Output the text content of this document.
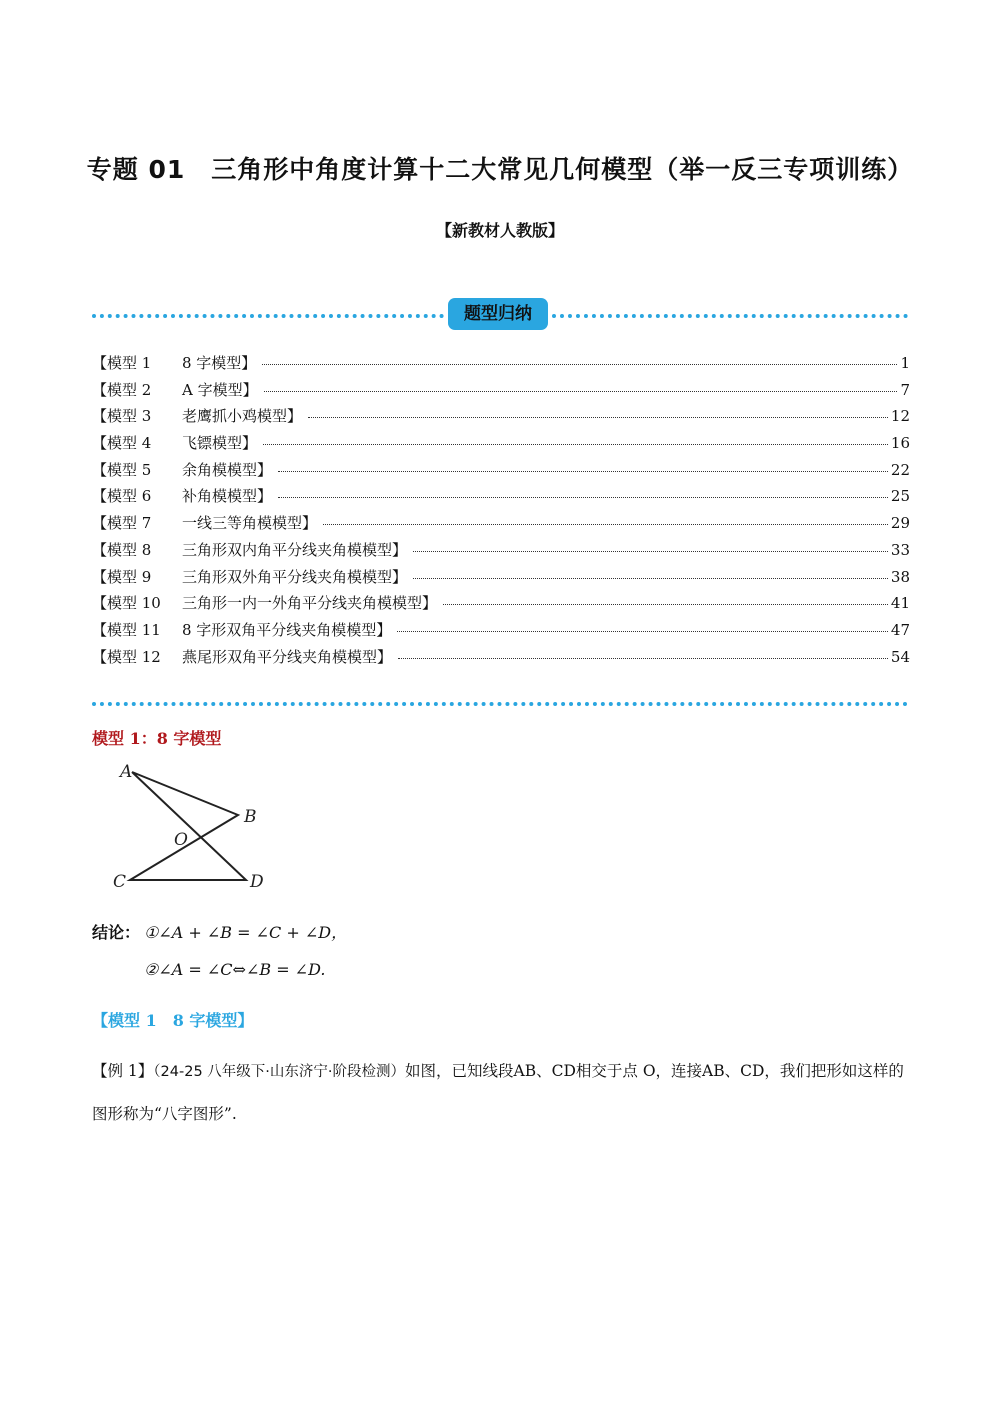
专题 01　三角形中角度计算十二大常见几何模型（举一反三专项训练）
【新教材人教版】
题型归纳
【模型 1	8 字模型】	1
【模型 2	A 字模型】	7
【模型 3	老鹰抓小鸡模型】	12
【模型 4	飞镖模型】	16
【模型 5	余角模模型】	22
【模型 6	补角模模型】	25
【模型 7	一线三等角模模型】	29
【模型 8	三角形双内角平分线夹角模模型】	33
【模型 9	三角形双外角平分线夹角模模型】	38
【模型 10	三角形一内一外角平分线夹角模模型】	41
【模型 11	8 字形双角平分线夹角模模型】	47
【模型 12	燕尾形双角平分线夹角模模型】	54
模型 1：8 字模型
A
B
O
C	D
结论： ①∠A + ∠B = ∠C + ∠D，
②∠A = ∠C⇔∠B = ∠D.
【模型 1　8 字模型】
【例 1】（24-25 八年级下·山东济宁·阶段检测）如图，已知线段AB、CD相交于点 O，连接AB、CD，我们把形如这样的图形称为“八字图形”.
